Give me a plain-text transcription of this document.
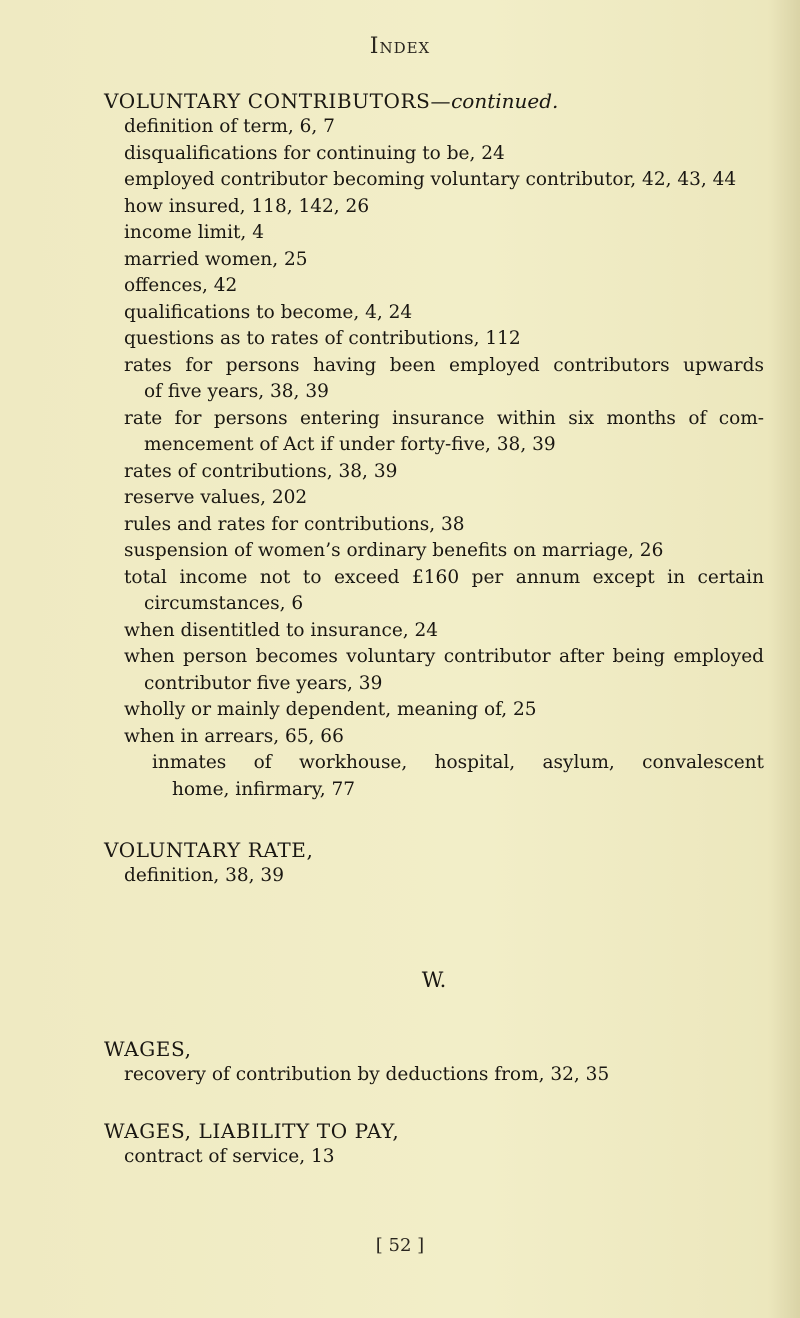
Index

VOLUNTARY CONTRIBUTORS—continued.

definition of term, 6, 7
disqualifications for continuing to be, 24
employed contributor becoming voluntary contributor, 42, 43, 44
how insured, 118, 142, 26
income limit, 4
married women, 25
offences, 42
qualifications to become, 4, 24
questions as to rates of contributions, 112
rates for persons having been employed contributors upwards
of five years, 38, 39
rate for persons entering insurance within six months of com-
mencement of Act if under forty-five, 38, 39
rates of contributions, 38, 39
reserve values, 202
rules and rates for contributions, 38
suspension of women’s ordinary benefits on marriage, 26
total income not to exceed £160 per annum except in certain
circumstances, 6
when disentitled to insurance, 24
when person becomes voluntary contributor after being employed
contributor five years, 39
wholly or mainly dependent, meaning of, 25
when in arrears, 65, 66
inmates of workhouse, hospital, asylum, convalescent
home, infirmary, 77

VOLUNTARY RATE,

definition, 38, 39
W.

WAGES,

recovery of contribution by deductions from, 32, 35

WAGES, LIABILITY TO PAY,

contract of service, 13
[ 52 ]
